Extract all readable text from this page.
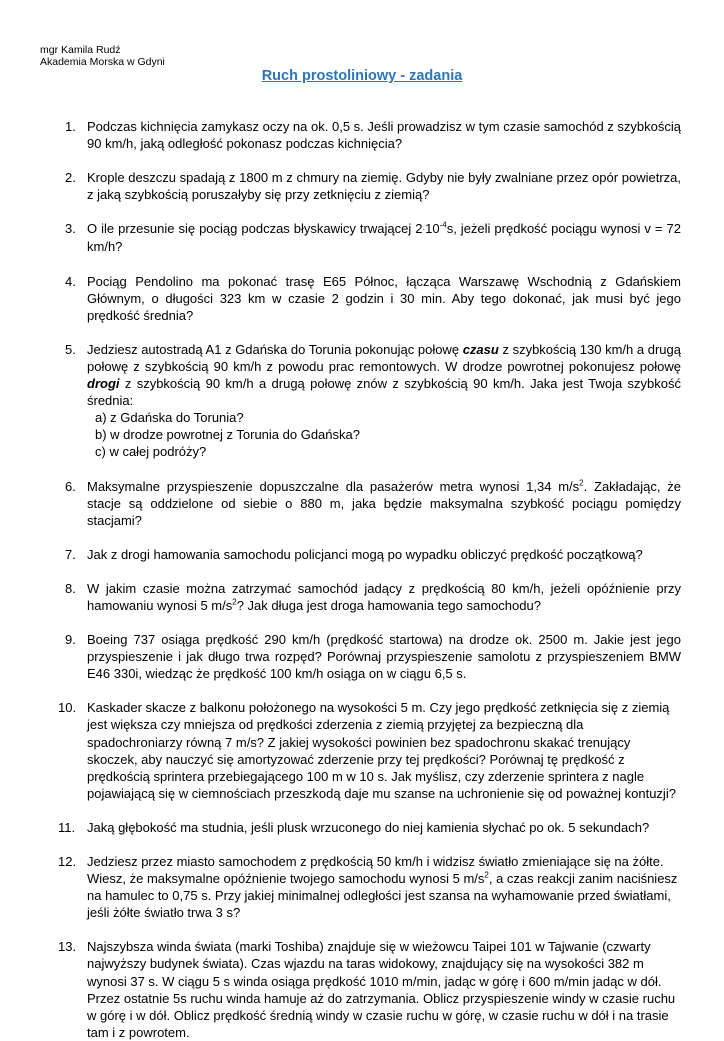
mgr Kamila Rudź
Akademia Morska w Gdyni
Ruch prostoliniowy - zadania
1. Podczas kichnięcia zamykasz oczy na ok. 0,5 s. Jeśli prowadzisz w tym czasie samochód z szybkością 90 km/h, jaką odległość pokonasz podczas kichnięcia?
2. Krople deszczu spadają z 1800 m z chmury na ziemię. Gdyby nie były zwalniane przez opór powietrza, z jaką szybkością poruszałyby się przy zetknięciu z ziemią?
3. O ile przesunie się pociąg podczas błyskawicy trwającej $2\cdot 10^{-4}s$, jeżeli prędkość pociągu wynosi v = 72 km/h?
4. Pociąg Pendolino ma pokonać trasę E65 Północ, łącząca Warszawę Wschodnią z Gdańskiem Głównym, o długości 323 km w czasie 2 godzin i 30 min. Aby tego dokonać, jak musi być jego prędkość średnia?
5. Jedziesz autostradą A1 z Gdańska do Torunia pokonując połowę czasu z szybkością 130 km/h a drugą połowę z szybkością 90 km/h z powodu prac remontowych. W drodze powrotnej pokonujesz połowę drogi z szybkością 90 km/h a drugą połowę znów z szybkością 90 km/h. Jaka jest Twoja szybkość średnia:
a) z Gdańska do Torunia?
b) w drodze powrotnej z Torunia do Gdańska?
c) w całej podróży?
6. Maksymalne przyspieszenie dopuszczalne dla pasażerów metra wynosi 1,34 $m/s^2$. Zakładając, że stacje są oddzielone od siebie o 880 m, jaka będzie maksymalna szybkość pociągu pomiędzy stacjami?
7. Jak z drogi hamowania samochodu policjanci mogą po wypadku obliczyć prędkość początkową?
8. W jakim czasie można zatrzymać samochód jadący z prędkością 80 km/h, jeżeli opóźnienie przy hamowaniu wynosi 5 $m/s^2$? Jak długa jest droga hamowania tego samochodu?
9. Boeing 737 osiąga prędkość 290 km/h (prędkość startowa) na drodze ok. 2500 m. Jakie jest jego przyspieszenie i jak długo trwa rozpęd? Porównaj przyspieszenie samolotu z przyspieszeniem BMW E46 330i, wiedząc że prędkość 100 km/h osiąga on w ciągu 6,5 s.
10. Kaskader skacze z balkonu położonego na wysokości 5 m. Czy jego prędkość zetknięcia się z ziemią jest większa czy mniejsza od prędkości zderzenia z ziemią przyjętej za bezpieczną dla spadochroniarzy równą 7 m/s? Z jakiej wysokości powinien bez spadochronu skakać trenujący skoczek, aby nauczyć się amortyzować zderzenie przy tej prędkości? Porównaj tę prędkość z prędkością sprintera przebiegającego 100 m w 10 s. Jak myślisz, czy zderzenie sprintera z nagle pojawiającą się w ciemnościach przeszkodą daje mu szanse na uchronienie się od poważnej kontuzji?
11. Jaką głębokość ma studnia, jeśli plusk wrzuconego do niej kamienia słychać po ok. 5 sekundach?
12. Jedziesz przez miasto samochodem z prędkością 50 km/h i widzisz światło zmieniające się na żółte. Wiesz, że maksymalne opóźnienie twojego samochodu wynosi 5 $m/s^2$, a czas reakcji zanim naciśniesz na hamulec to 0,75 s. Przy jakiej minimalnej odległości jest szansa na wyhamowanie przed światłami, jeśli żółte światło trwa 3 s?
13. Najszybsza winda świata (marki Toshiba) znajduje się w wieżowcu Taipei 101 w Tajwanie (czwarty najwyższy budynek świata). Czas wjazdu na taras widokowy, znajdujący się na wysokości 382 m wynosi 37 s. W ciągu 5 s winda osiąga prędkość 1010 m/min, jadąc w górę i 600 m/min jadąc w dół. Przez ostatnie 5s ruchu winda hamuje aż do zatrzymania. Oblicz przyspieszenie windy w czasie ruchu w górę i w dół. Oblicz prędkość średnią windy w czasie ruchu w górę, w czasie ruchu w dół i na trasie tam i z powrotem.
